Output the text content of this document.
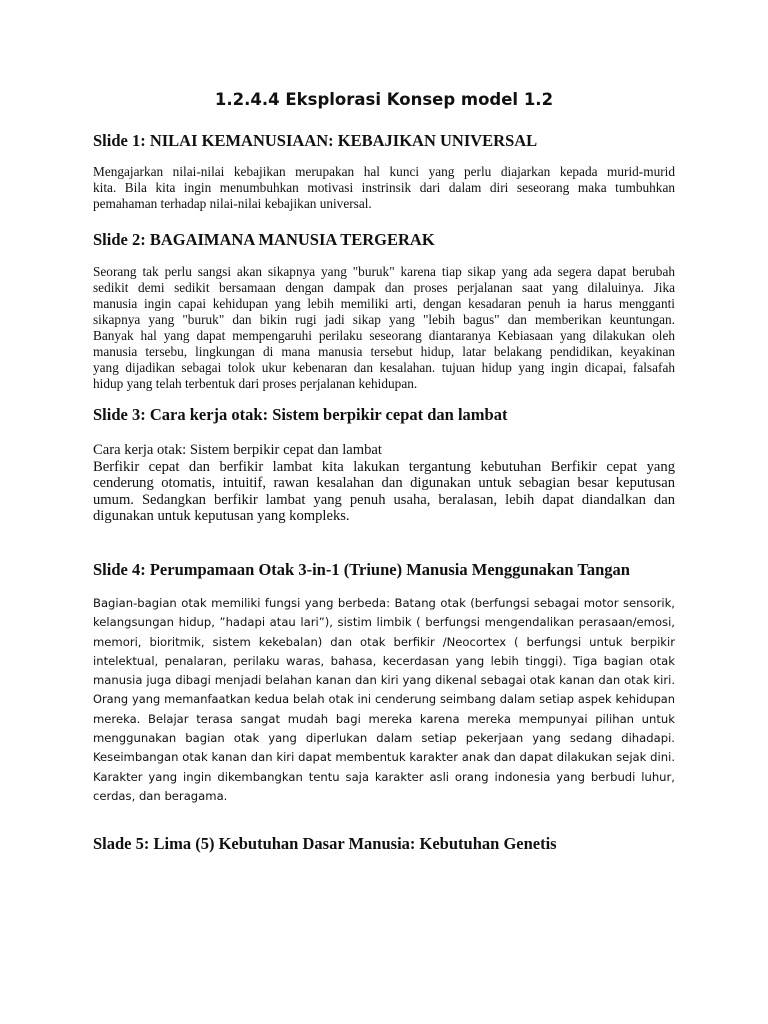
1.2.4.4 Eksplorasi Konsep model 1.2
Slide 1: NILAI KEMANUSIAAN: KEBAJIKAN UNIVERSAL
Mengajarkan nilai-nilai kebajikan merupakan hal kunci yang perlu diajarkan kepada murid-murid
kita. Bila kita ingin menumbuhkan motivasi instrinsik dari dalam diri seseorang maka tumbuhkan
pemahaman terhadap nilai-nilai kebajikan universal.
Slide 2: BAGAIMANA MANUSIA TERGERAK
Seorang tak perlu sangsi akan sikapnya yang "buruk" karena tiap sikap yang ada segera dapat berubah
sedikit demi sedikit bersamaan dengan dampak dan proses perjalanan saat yang dilaluinya. Jika
manusia ingin capai kehidupan yang lebih memiliki arti, dengan kesadaran penuh ia harus mengganti
sikapnya yang "buruk" dan bikin rugi jadi sikap yang "lebih bagus" dan memberikan keuntungan.
Banyak hal yang dapat mempengaruhi perilaku seseorang diantaranya Kebiasaan yang dilakukan oleh
manusia tersebu, lingkungan di mana manusia tersebut hidup, latar belakang pendidikan, keyakinan
yang dijadikan sebagai tolok ukur kebenaran dan kesalahan. tujuan hidup yang ingin dicapai, falsafah
hidup yang telah terbentuk dari proses perjalanan kehidupan.
Slide 3: Cara kerja otak: Sistem berpikir cepat dan lambat
Cara kerja otak: Sistem berpikir cepat dan lambat
Berfikir cepat dan berfikir lambat kita lakukan tergantung kebutuhan Berfikir cepat yang
cenderung otomatis, intuitif, rawan kesalahan dan digunakan untuk sebagian besar keputusan
umum. Sedangkan berfikir lambat yang penuh usaha, beralasan, lebih dapat diandalkan dan
digunakan untuk keputusan yang kompleks.
Slide 4: Perumpamaan Otak 3-in-1 (Triune) Manusia Menggunakan Tangan
Bagian-bagian otak memiliki fungsi yang berbeda: Batang otak (berfungsi sebagai motor sensorik,
kelangsungan hidup, ”hadapi atau lari”), sistim limbik ( berfungsi mengendalikan perasaan/emosi,
memori, bioritmik, sistem kekebalan) dan otak berfikir /Neocortex ( berfungsi untuk berpikir
intelektual, penalaran, perilaku waras, bahasa, kecerdasan yang lebih tinggi). Tiga bagian otak
manusia juga dibagi menjadi belahan kanan dan kiri yang dikenal sebagai otak kanan dan otak kiri.
Orang yang memanfaatkan kedua belah otak ini cenderung seimbang dalam setiap aspek kehidupan
mereka. Belajar terasa sangat mudah bagi mereka karena mereka mempunyai pilihan untuk
menggunakan bagian otak yang diperlukan dalam setiap pekerjaan yang sedang dihadapi.
Keseimbangan otak kanan dan kiri dapat membentuk karakter anak dan dapat dilakukan sejak dini.
Karakter yang ingin dikembangkan tentu saja karakter asli orang indonesia yang berbudi luhur,
cerdas, dan beragama.
Slade 5: Lima (5) Kebutuhan Dasar Manusia: Kebutuhan Genetis
